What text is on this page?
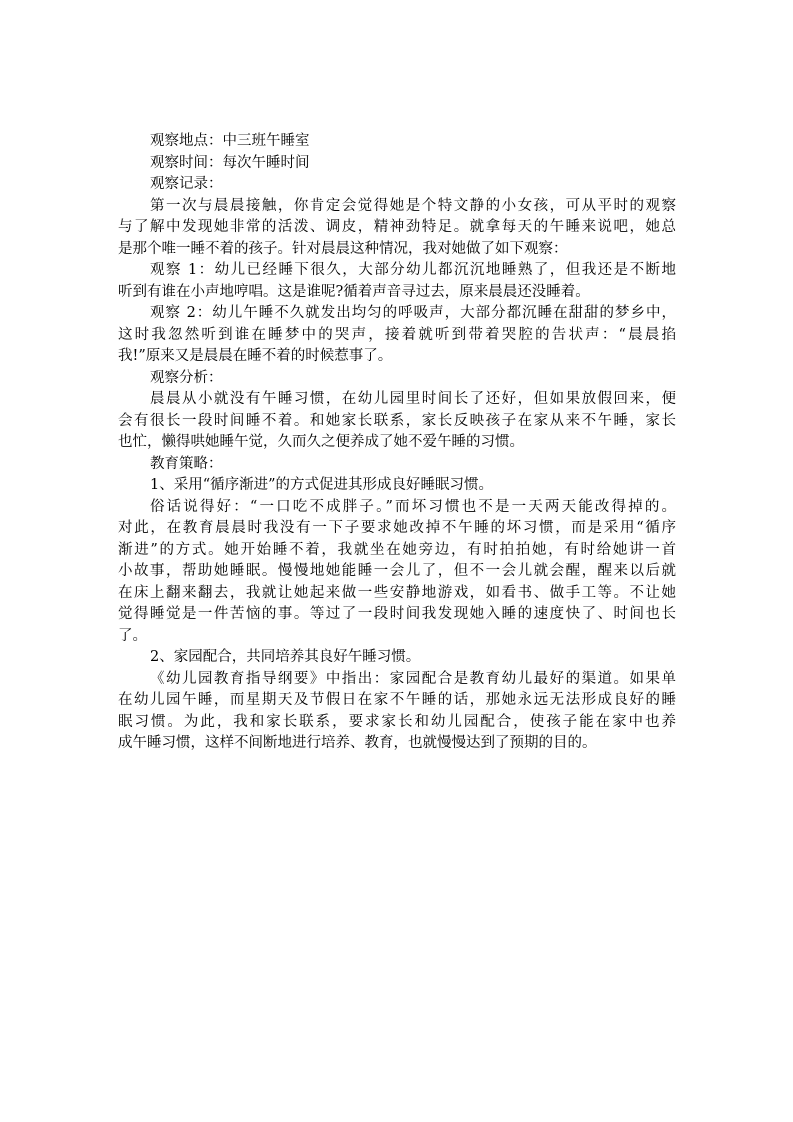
观察地点：中三班午睡室
观察时间：每次午睡时间
观察记录：
第一次与晨晨接触，你肯定会觉得她是个特文静的小女孩，可从平时的观察
与了解中发现她非常的活泼、调皮，精神劲特足。就拿每天的午睡来说吧，她总
是那个唯一睡不着的孩子。针对晨晨这种情况，我对她做了如下观察：
观察 1：幼儿已经睡下很久，大部分幼儿都沉沉地睡熟了，但我还是不断地
听到有谁在小声地哼唱。这是谁呢?循着声音寻过去，原来晨晨还没睡着。
观察 2：幼儿午睡不久就发出均匀的呼吸声，大部分都沉睡在甜甜的梦乡中，
这时我忽然听到谁在睡梦中的哭声，接着就听到带着哭腔的告状声：“晨晨掐
我!”原来又是晨晨在睡不着的时候惹事了。
观察分析：
晨晨从小就没有午睡习惯，在幼儿园里时间长了还好，但如果放假回来，便
会有很长一段时间睡不着。和她家长联系，家长反映孩子在家从来不午睡，家长
也忙，懒得哄她睡午觉，久而久之便养成了她不爱午睡的习惯。
教育策略：
1、采用“循序渐进”的方式促进其形成良好睡眠习惯。
俗话说得好：“一口吃不成胖子。”而坏习惯也不是一天两天能改得掉的。
对此，在教育晨晨时我没有一下子要求她改掉不午睡的坏习惯，而是采用“循序
渐进”的方式。她开始睡不着，我就坐在她旁边，有时拍拍她，有时给她讲一首
小故事，帮助她睡眠。慢慢地她能睡一会儿了，但不一会儿就会醒，醒来以后就
在床上翻来翻去，我就让她起来做一些安静地游戏，如看书、做手工等。不让她
觉得睡觉是一件苦恼的事。等过了一段时间我发现她入睡的速度快了、时间也长
了。
2、家园配合，共同培养其良好午睡习惯。
《幼儿园教育指导纲要》中指出：家园配合是教育幼儿最好的渠道。如果单
在幼儿园午睡，而星期天及节假日在家不午睡的话，那她永远无法形成良好的睡
眠习惯。为此，我和家长联系，要求家长和幼儿园配合，使孩子能在家中也养
成午睡习惯，这样不间断地进行培养、教育，也就慢慢达到了预期的目的。
